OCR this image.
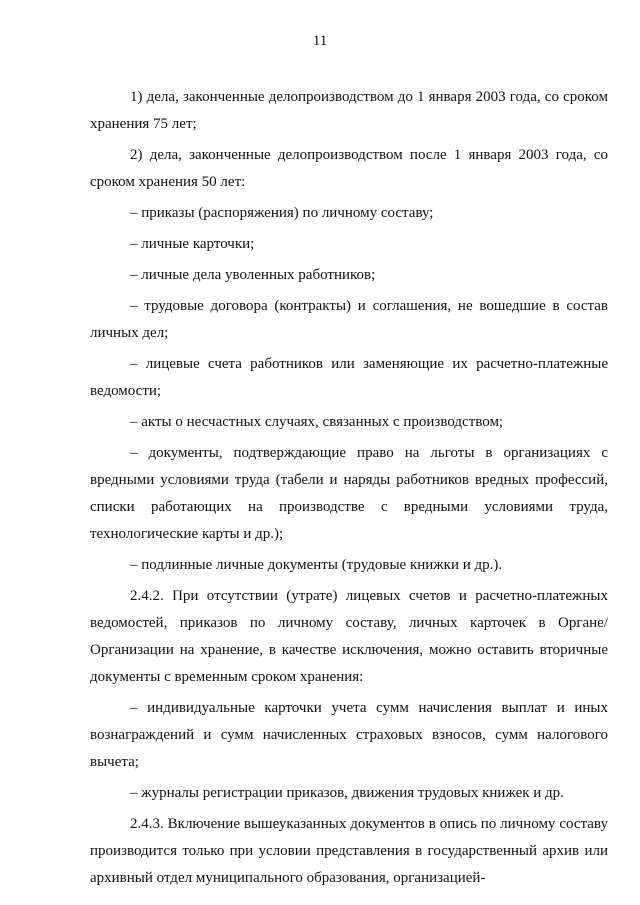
11

1) дела, законченные делопроизводством до 1 января 2003 года, со сроком хранения 75 лет;

2) дела, законченные делопроизводством после 1 января 2003 года, со сроком хранения 50 лет:

– приказы (распоряжения) по личному составу;

– личные карточки;

– личные дела уволенных работников;

– трудовые договора (контракты) и соглашения, не вошедшие в состав личных дел;

– лицевые счета работников или заменяющие их расчетно-платежные ведомости;

– акты о несчастных случаях, связанных с производством;

– документы, подтверждающие право на льготы в организациях с вредными условиями труда (табели и наряды работников вредных профессий, списки работающих на производстве с вредными условиями труда, технологические карты и др.);

– подлинные личные документы (трудовые книжки и др.).

2.4.2. При отсутствии (утрате) лицевых счетов и расчетно-платежных ведомостей, приказов по личному составу, личных карточек в Органе/Организации на хранение, в качестве исключения, можно оставить вторичные документы с временным сроком хранения:

– индивидуальные карточки учета сумм начисления выплат и иных вознаграждений и сумм начисленных страховых взносов, сумм налогового вычета;

– журналы регистрации приказов, движения трудовых книжек и др.

2.4.3. Включение вышеуказанных документов в опись по личному составу производится только при условии представления в государственный архив или архивный отдел муниципального образования, организацией-
